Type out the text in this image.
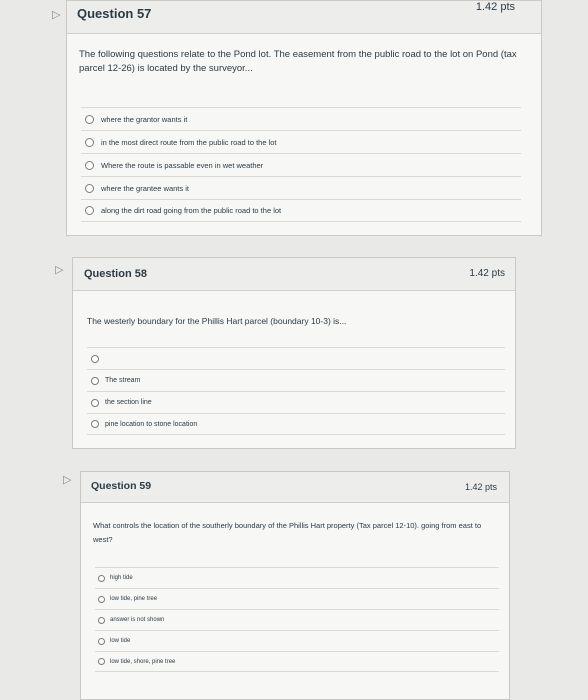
▷	Question 57	1.42 pts
The following questions relate to the Pond lot. The easement from the public road to the lot on Pond (tax parcel 12-26) is located by the surveyor...
where the grantor wants it
in the most direct route from the public road to the lot
Where the route is passable even in wet weather
where the grantee wants it
along the dirt road going from the public road to the lot
▷	Question 58	1.42 pts
The westerly boundary for the Phillis Hart parcel (boundary 10-3) is...
The stream
the section line
pine location to stone location
▷	Question 59	1.42 pts
What controls the location of the southerly boundary of the Phillis Hart property (Tax parcel 12-10). going from east to west?
high tide
low tide, pine tree
answer is not shown
low tide
low tide, shore, pine tree
